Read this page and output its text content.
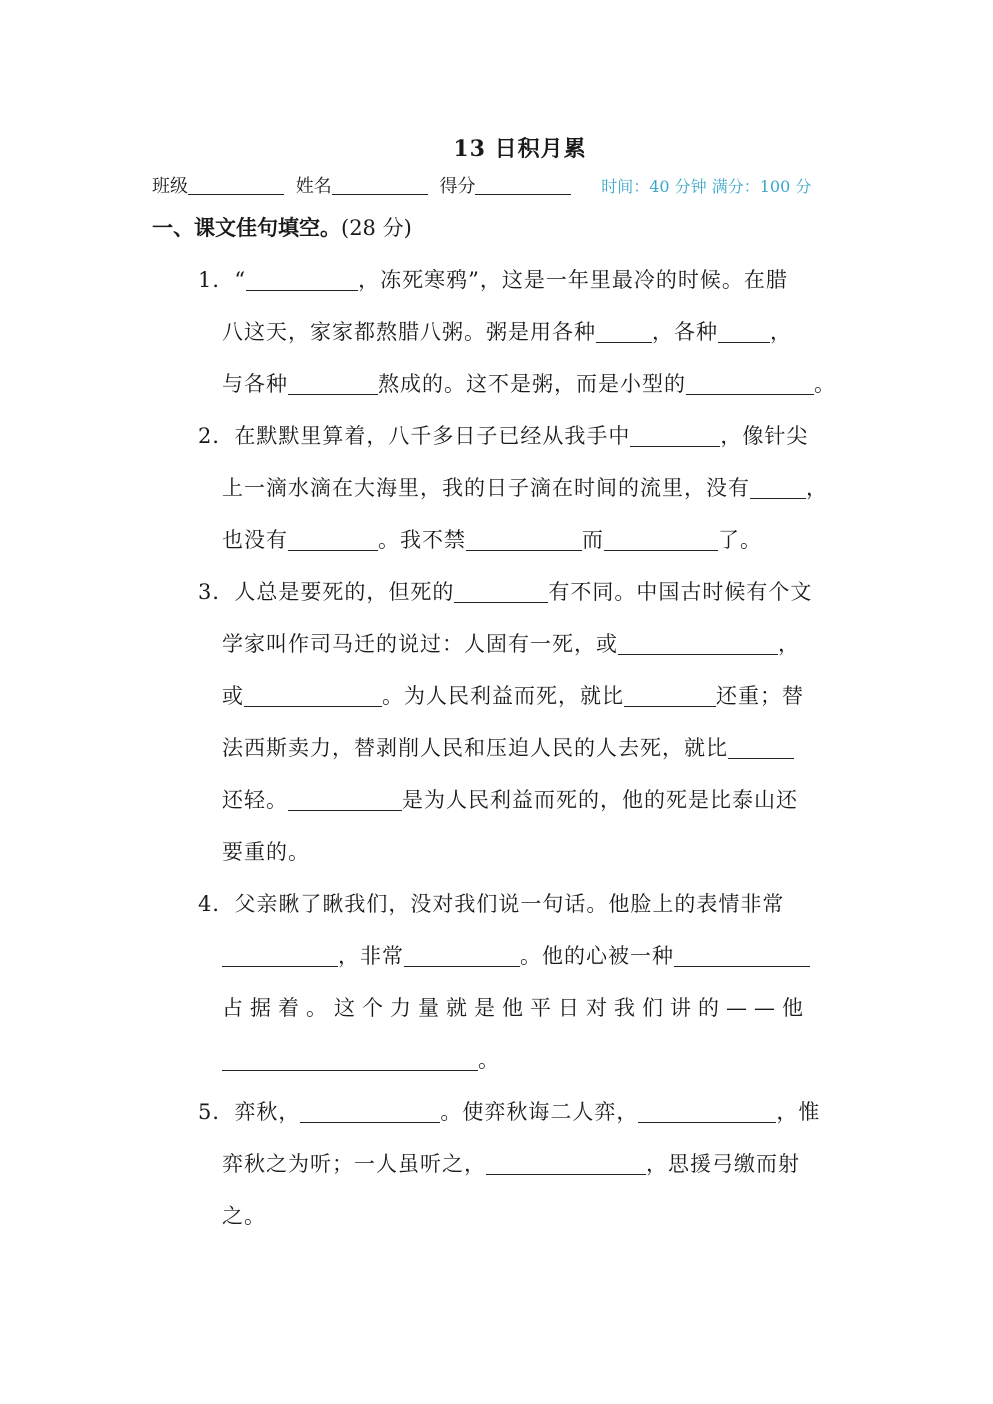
13 日积月累
班级	姓名	得分	时间：40 分钟 满分：100 分
一、课文佳句填空。(28 分)
1．“	，冻死寒鸦”，这是一年里最冷的时候。在腊
八这天，家家都熬腊八粥。粥是用各种	，各种 ，
与各种	熬成的。这不是粥，而是小型的	。
2．在默默里算着，八千多日子已经从我手中	，像针尖
上一滴水滴在大海里，我的日子滴在时间的流里，没有	，
也没有	。我不禁	而	了。
3．人总是要死的，但死的	有不同。中国古时候有个文
学家叫作司马迁的说过：人固有一死，或	，
或	。为人民利益而死，就比	还重；替
法西斯卖力，替剥削人民和压迫人民的人去死，就比
还轻。	是为人民利益而死的，他的死是比泰山还
要重的。
4．父亲瞅了瞅我们，没对我们说一句话。他脸上的表情非常
，非常	。他的心被一种
占据着。这个力量就是他平日对我们讲的——他
。
5．弈秋，	。使弈秋诲二人弈，	，惟
弈秋之为听；一人虽听之，	，思援弓缴而射
之。
